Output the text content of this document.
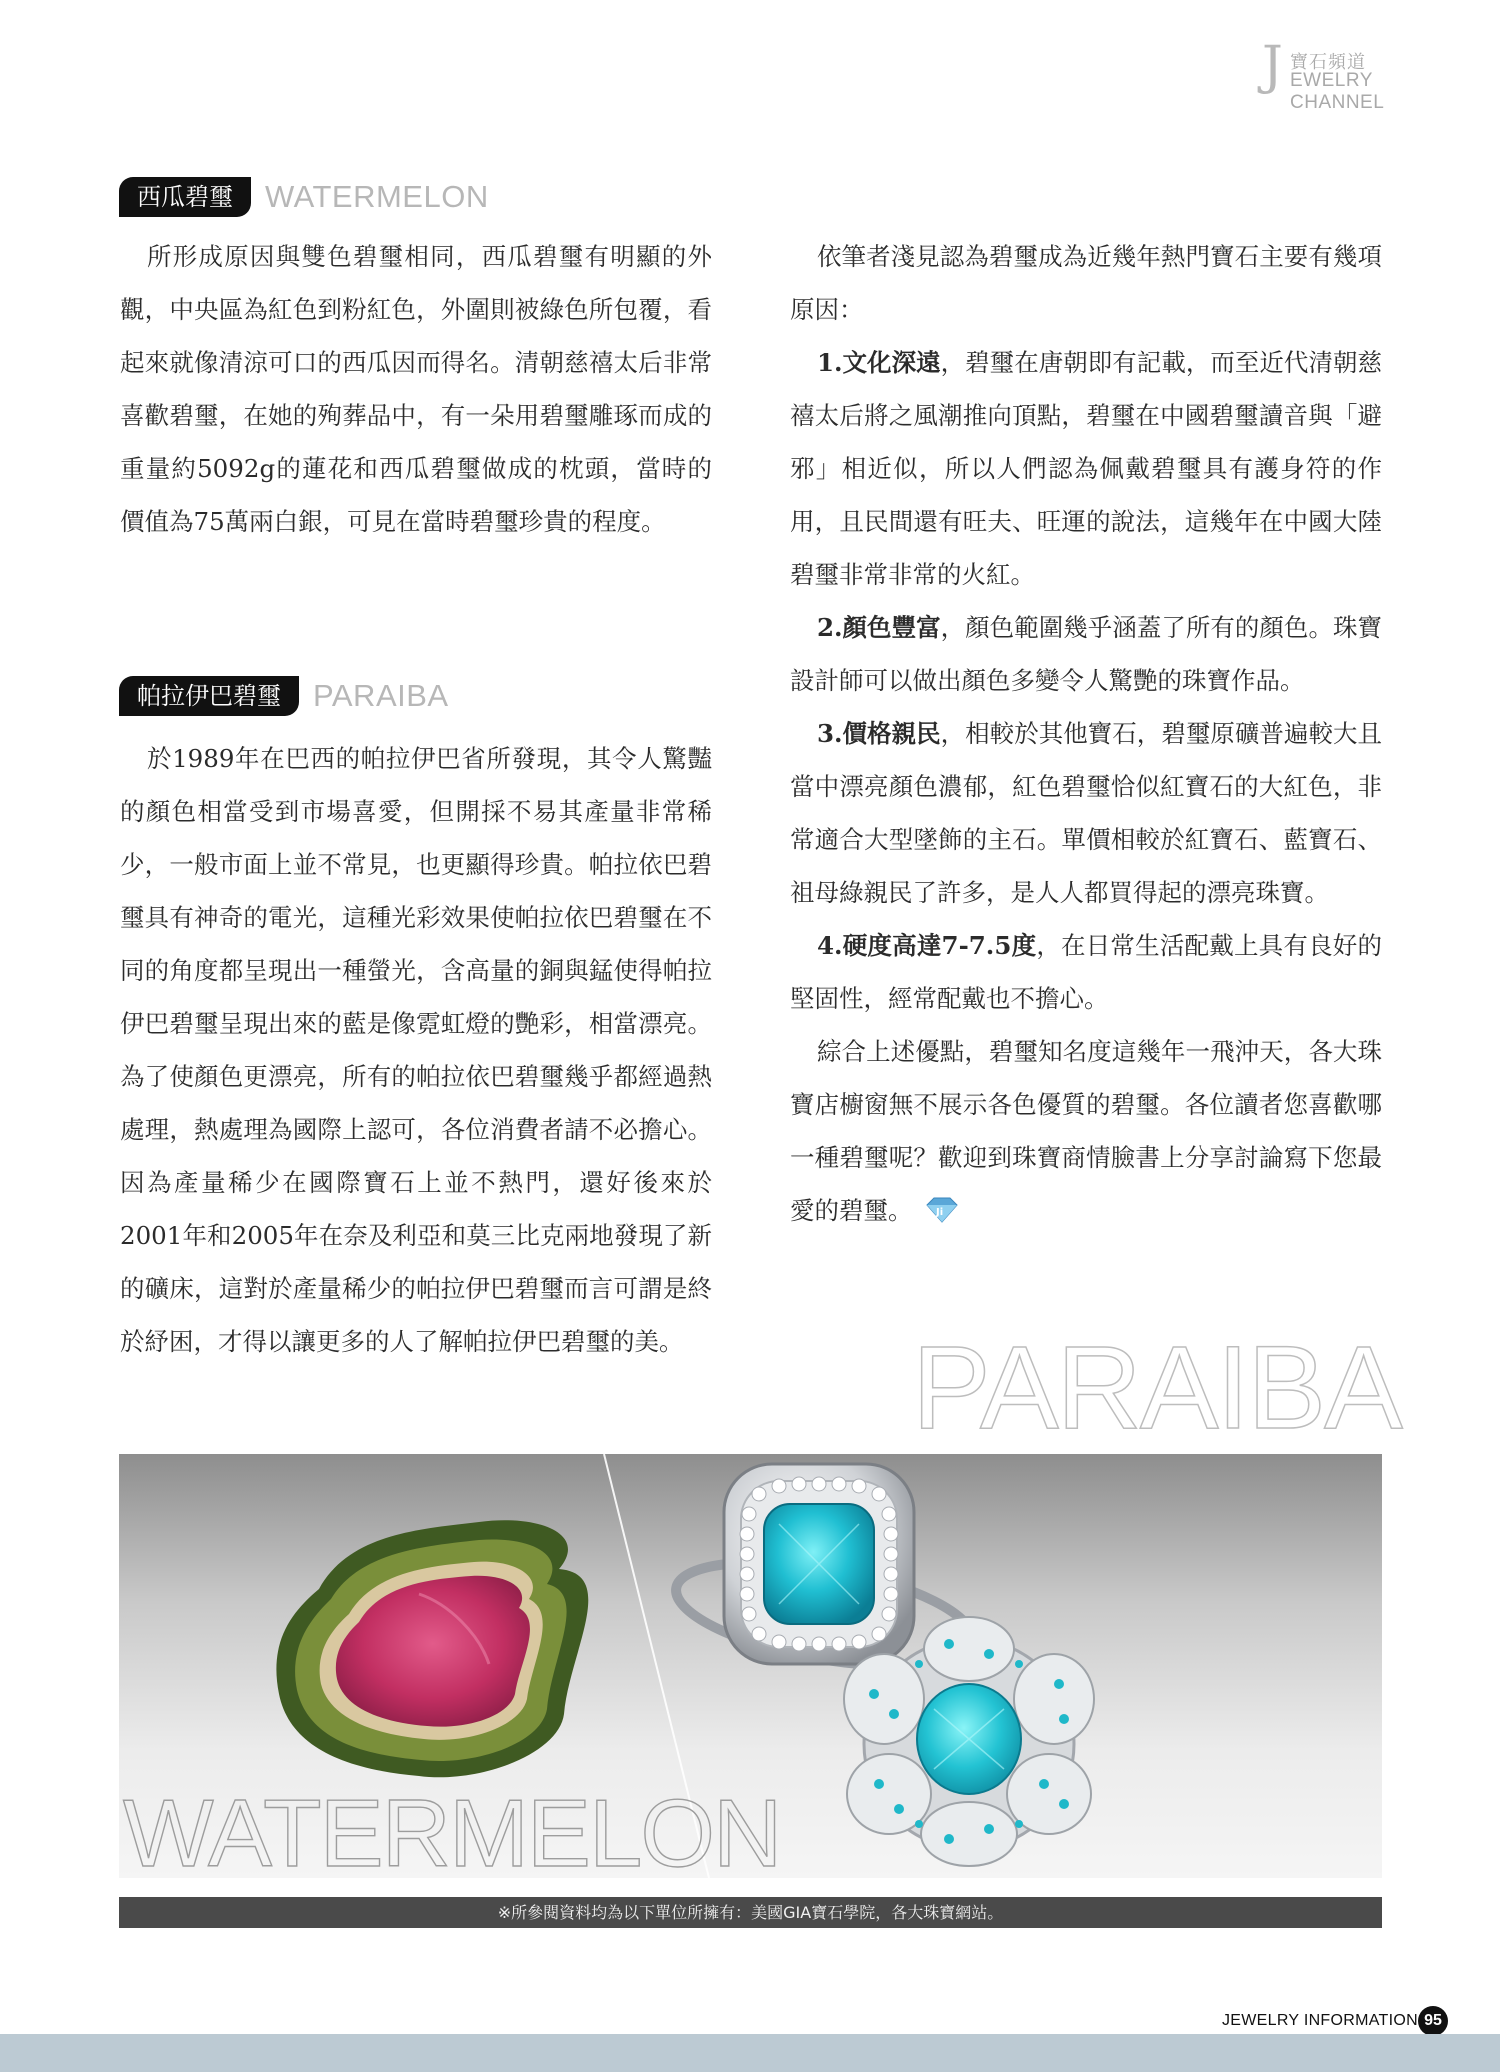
J 寶石頻道
EWELRY CHANNEL
西瓜碧璽	WATERMELON

所形成原因與雙色碧璽相同，西瓜碧璽有明顯的外觀，中央區為紅色到粉紅色，外圍則被綠色所包覆，看起來就像清涼可口的西瓜因而得名。清朝慈禧太后非常喜歡碧璽，在她的殉葬品中，有一朵用碧璽雕琢而成的重量約5092g的蓮花和西瓜碧璽做成的枕頭，當時的價值為75萬兩白銀，可見在當時碧璽珍貴的程度。

帕拉伊巴碧璽	PARAIBA

於1989年在巴西的帕拉伊巴省所發現，其令人驚豔的顏色相當受到市場喜愛，但開採不易其產量非常稀少，一般市面上並不常見，也更顯得珍貴。帕拉依巴碧璽具有神奇的電光，這種光彩效果使帕拉依巴碧璽在不同的角度都呈現出一種螢光，含高量的銅與錳使得帕拉伊巴碧璽呈現出來的藍是像霓虹燈的艷彩，相當漂亮。為了使顏色更漂亮，所有的帕拉依巴碧璽幾乎都經過熱處理，熱處理為國際上認可，各位消費者請不必擔心。因為產量稀少在國際寶石上並不熱門，還好後來於2001年和2005年在奈及利亞和莫三比克兩地發現了新的礦床，這對於產量稀少的帕拉伊巴碧璽而言可謂是終於紓困，才得以讓更多的人了解帕拉伊巴碧璽的美。

依筆者淺見認為碧璽成為近幾年熱門寶石主要有幾項原因：

1.文化深遠，碧璽在唐朝即有記載，而至近代清朝慈禧太后將之風潮推向頂點，碧璽在中國碧璽讀音與「避邪」相近似，所以人們認為佩戴碧璽具有護身符的作用，且民間還有旺夫、旺運的說法，這幾年在中國大陸碧璽非常非常的火紅。

2.顏色豐富，顏色範圍幾乎涵蓋了所有的顏色。珠寶設計師可以做出顏色多變令人驚艷的珠寶作品。

3.價格親民，相較於其他寶石，碧璽原礦普遍較大且當中漂亮顏色濃郁，紅色碧璽恰似紅寶石的大紅色，非常適合大型墜飾的主石。單價相較於紅寶石、藍寶石、祖母綠親民了許多，是人人都買得起的漂亮珠寶。

4.硬度高達7-7.5度，在日常生活配戴上具有良好的堅固性，經常配戴也不擔心。

綜合上述優點，碧璽知名度這幾年一飛沖天，各大珠寶店櫥窗無不展示各色優質的碧璽。各位讀者您喜歡哪一種碧璽呢？歡迎到珠寶商情臉書上分享討論寫下您最愛的碧璽。 Ji

PARAIBA
WATERMELON
※所參閱資料均為以下單位所擁有：美國GIA寶石學院，各大珠寶網站。
JEWELRY INFORMATION 95
